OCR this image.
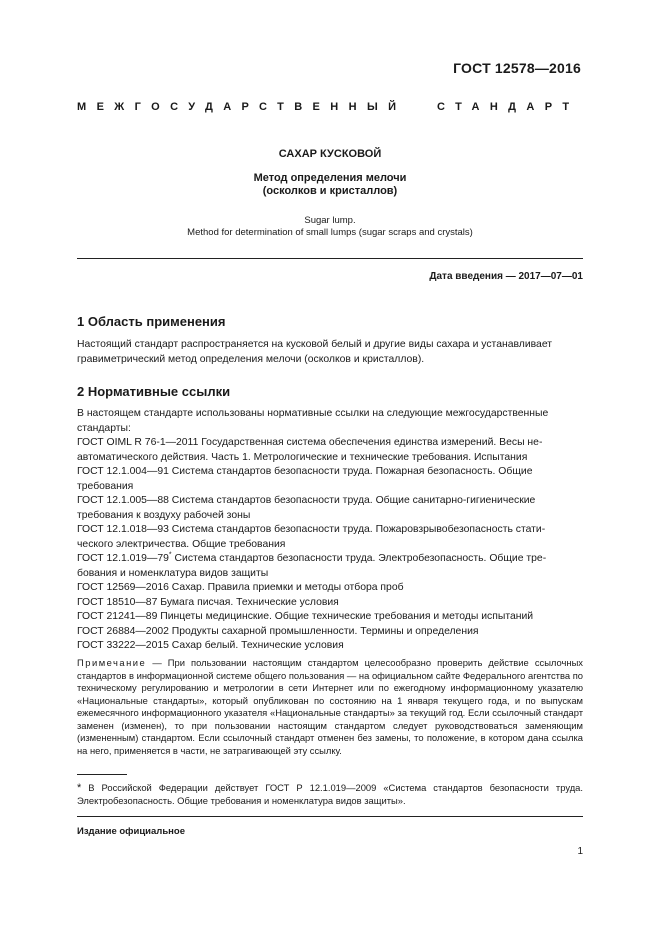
ГОСТ 12578—2016
МЕЖГОСУДАРСТВЕННЫЙ	СТАНДАРТ
САХАР КУСКОВОЙ
Метод определения мелочи
(осколков и кристаллов)
Sugar lump.
Method for determination of small lumps (sugar scraps and crystals)
Дата введения — 2017—07—01
1 Область применения
Настоящий стандарт распространяется на кусковой белый и другие виды сахара и устанавливает
гравиметрический метод определения мелочи (осколков и кристаллов).
2 Нормативные ссылки
В настоящем стандарте использованы нормативные ссылки на следующие межгосударственные
стандарты:
ГОСТ OIML R 76-1—2011 Государственная система обеспечения единства измерений. Весы не-
автоматического действия. Часть 1. Метрологические и технические требования. Испытания
ГОСТ 12.1.004—91 Система стандартов безопасности труда. Пожарная безопасность. Общие
требования
ГОСТ 12.1.005—88 Система стандартов безопасности труда. Общие санитарно-гигиенические
требования к воздуху рабочей зоны
ГОСТ 12.1.018—93 Система стандартов безопасности труда. Пожаровзрывобезопасность стати-
ческого электричества. Общие требования
ГОСТ 12.1.019—79* Система стандартов безопасности труда. Электробезопасность. Общие тре-
бования и номенклатура видов защиты
ГОСТ 12569—2016 Сахар. Правила приемки и методы отбора проб
ГОСТ 18510—87 Бумага писчая. Технические условия
ГОСТ 21241—89 Пинцеты медицинские. Общие технические требования и методы испытаний
ГОСТ 26884—2002 Продукты сахарной промышленности. Термины и определения
ГОСТ 33222—2015 Сахар белый. Технические условия
Примечание — При пользовании настоящим стандартом целесообразно проверить действие ссылочных стандартов в информационной системе общего пользования — на официальном сайте Федерального агентства по техническому регулированию и метрологии в сети Интернет или по ежегодному информационному указателю «Национальные стандарты», который опубликован по состоянию на 1 января текущего года, и по выпускам ежемесячного информационного указателя «Национальные стандарты» за текущий год. Если ссылочный стандарт заменен (изменен), то при пользовании настоящим стандартом следует руководствоваться заменяющим (измененным) стандартом. Если ссылочный стандарт отменен без замены, то положение, в котором дана ссылка на него, применяется в части, не затрагивающей эту ссылку.
* В Российской Федерации действует ГОСТ Р 12.1.019—2009 «Система стандартов безопасности труда. Электробезопасность. Общие требования и номенклатура видов защиты».
Издание официальное
1
